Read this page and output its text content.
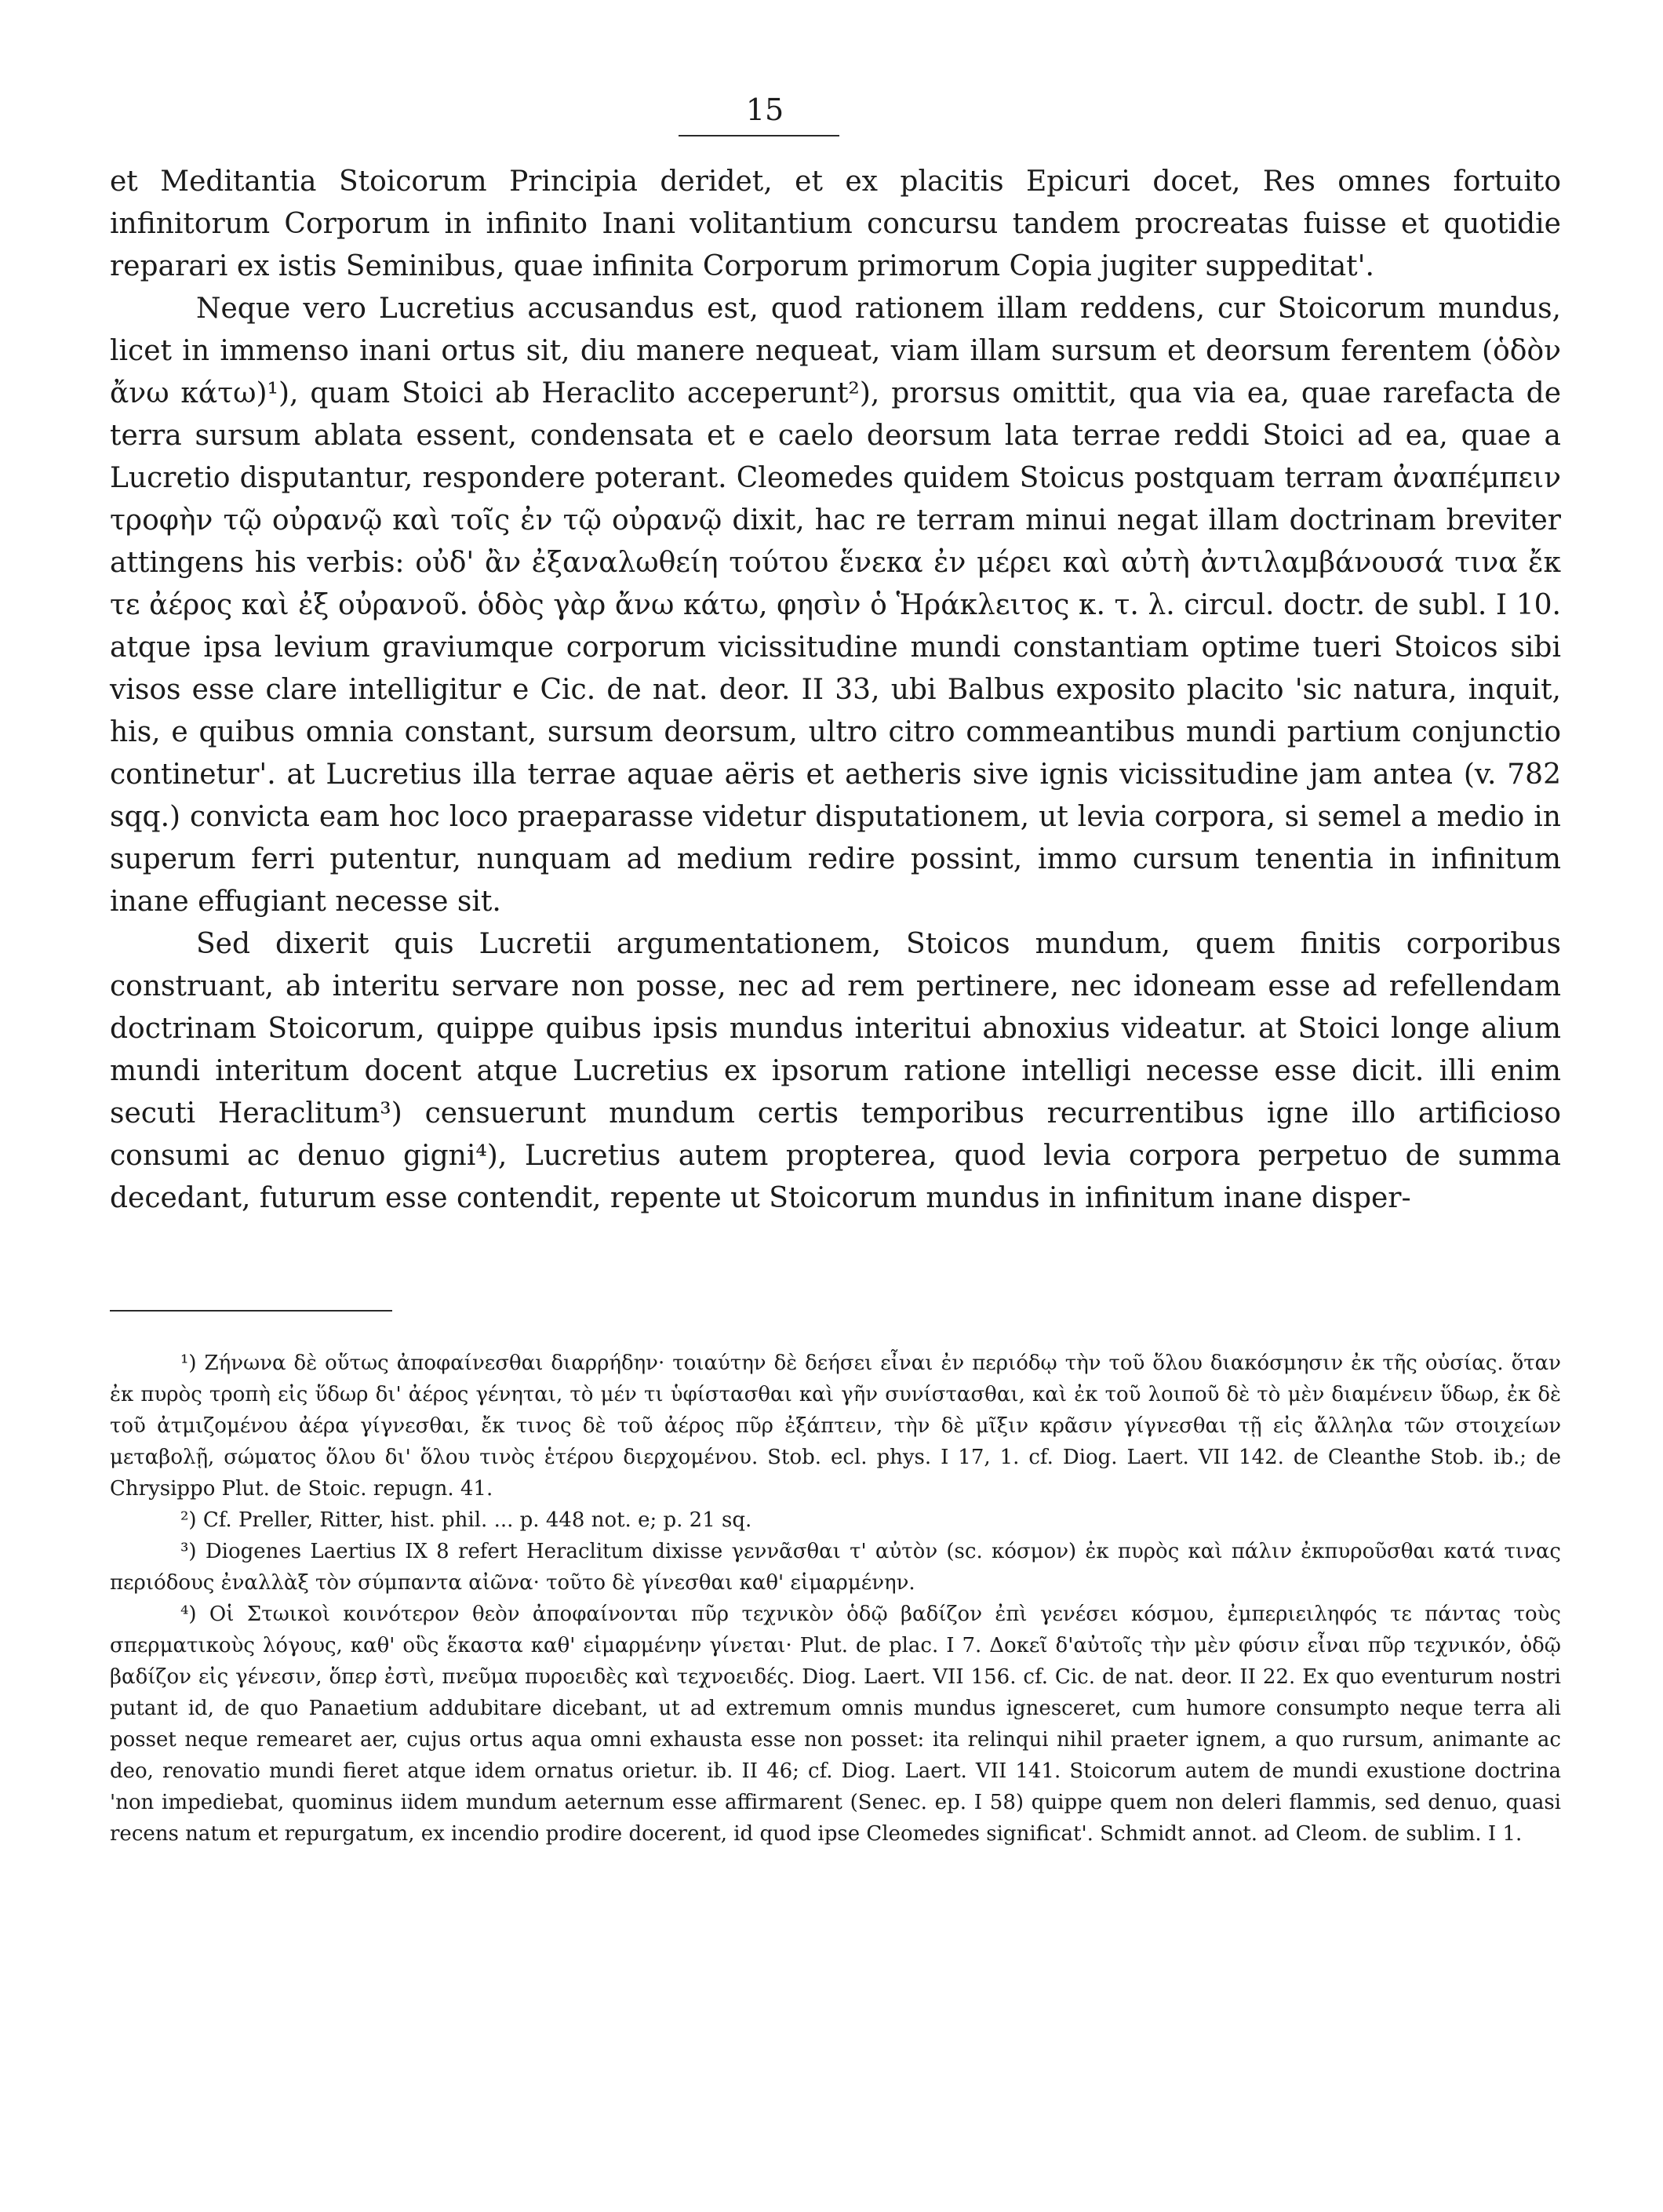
15

et Meditantia Stoicorum Principia deridet, et ex placitis Epicuri docet, Res omnes fortuito infinitorum Corporum in infinito Inani volitantium concursu tandem procreatas fuisse et quotidie reparari ex istis Seminibus, quae infinita Corporum primorum Copia jugiter suppeditat'.

Neque vero Lucretius accusandus est, quod rationem illam reddens, cur Stoicorum mundus, licet in immenso inani ortus sit, diu manere nequeat, viam illam sursum et deorsum ferentem (ὁδὸν ἄνω κάτω)¹), quam Stoici ab Heraclito acceperunt²), prorsus omittit, qua via ea, quae rarefacta de terra sursum ablata essent, condensata et e caelo deorsum lata terrae reddi Stoici ad ea, quae a Lucretio disputantur, respondere poterant. Cleomedes quidem Stoicus postquam terram ἀναπέμπειν τροφὴν τῷ οὐρανῷ καὶ τοῖς ἐν τῷ οὐρανῷ dixit, hac re terram minui negat illam doctrinam breviter attingens his verbis: οὐδ' ἂν ἐξαναλωθείη τούτου ἕνεκα ἐν μέρει καὶ αὐτὴ ἀντιλαμβάνουσά τινα ἔκ τε ἀέρος καὶ ἐξ οὐρανοῦ. ὁδὸς γὰρ ἄνω κάτω, φησὶν ὁ Ἡράκλειτος κ. τ. λ. circul. doctr. de subl. I 10. atque ipsa levium graviumque corporum vicissitudine mundi constantiam optime tueri Stoicos sibi visos esse clare intelligitur e Cic. de nat. deor. II 33, ubi Balbus exposito placito 'sic natura, inquit, his, e quibus omnia constant, sursum deorsum, ultro citro commeantibus mundi partium conjunctio continetur'. at Lucretius illa terrae aquae aëris et aetheris sive ignis vicissitudine jam antea (v. 782 sqq.) convicta eam hoc loco praeparasse videtur disputationem, ut levia corpora, si semel a medio in superum ferri putentur, nunquam ad medium redire possint, immo cursum tenentia in infinitum inane effugiant necesse sit.

Sed dixerit quis Lucretii argumentationem, Stoicos mundum, quem finitis corporibus construant, ab interitu servare non posse, nec ad rem pertinere, nec idoneam esse ad refellendam doctrinam Stoicorum, quippe quibus ipsis mundus interitui abnoxius videatur. at Stoici longe alium mundi interitum docent atque Lucretius ex ipsorum ratione intelligi necesse esse dicit. illi enim secuti Heraclitum³) censuerunt mundum certis temporibus recurrentibus igne illo artificioso consumi ac denuo gigni⁴), Lucretius autem propterea, quod levia corpora perpetuo de summa decedant, futurum esse contendit, repente ut Stoicorum mundus in infinitum inane disper-

¹) Ζήνωνα δὲ οὕτως ἀποφαίνεσθαι διαρρήδην· τοιαύτην δὲ δεήσει εἶναι ἐν περιόδῳ τὴν τοῦ ὅλου διακόσμησιν ἐκ τῆς οὐσίας. ὅταν ἐκ πυρὸς τροπὴ εἰς ὕδωρ δι' ἀέρος γένηται, τὸ μέν τι ὑφίστασθαι καὶ γῆν συνίστασθαι, καὶ ἐκ τοῦ λοιποῦ δὲ τὸ μὲν διαμένειν ὕδωρ, ἐκ δὲ τοῦ ἀτμιζομένου ἀέρα γίγνεσθαι, ἔκ τινος δὲ τοῦ ἀέρος πῦρ ἐξάπτειν, τὴν δὲ μῖξιν κρᾶσιν γίγνεσθαι τῇ εἰς ἄλληλα τῶν στοιχείων μεταβολῇ, σώματος ὅλου δι' ὅλου τινὸς ἑτέρου διερχομένου. Stob. ecl. phys. I 17, 1. cf. Diog. Laert. VII 142. de Cleanthe Stob. ib.; de Chrysippo Plut. de Stoic. repugn. 41.

²) Cf. Preller, Ritter, hist. phil. ... p. 448 not. e; p. 21 sq.

³) Diogenes Laertius IX 8 refert Heraclitum dixisse γεννᾶσθαι τ' αὐτὸν (sc. κόσμον) ἐκ πυρὸς καὶ πάλιν ἐκπυροῦσθαι κατά τινας περιόδους ἐναλλὰξ τὸν σύμπαντα αἰῶνα· τοῦτο δὲ γίνεσθαι καθ' εἱμαρμένην.

⁴) Οἱ Στωικοὶ κοινότερον θεὸν ἀποφαίνονται πῦρ τεχνικὸν ὁδῷ βαδίζον ἐπὶ γενέσει κόσμου, ἐμπεριειληφός τε πάντας τοὺς σπερματικοὺς λόγους, καθ' οὓς ἕκαστα καθ' εἱμαρμένην γίνεται· Plut. de plac. I 7. Δοκεῖ δ'αὐτοῖς τὴν μὲν φύσιν εἶναι πῦρ τεχνικόν, ὁδῷ βαδίζον εἰς γένεσιν, ὅπερ ἐστὶ, πνεῦμα πυροειδὲς καὶ τεχνοειδές. Diog. Laert. VII 156. cf. Cic. de nat. deor. II 22. Ex quo eventurum nostri putant id, de quo Panaetium addubitare dicebant, ut ad extremum omnis mundus ignesceret, cum humore consumpto neque terra ali posset neque remearet aer, cujus ortus aqua omni exhausta esse non posset: ita relinqui nihil praeter ignem, a quo rursum, animante ac deo, renovatio mundi fieret atque idem ornatus orietur. ib. II 46; cf. Diog. Laert. VII 141. Stoicorum autem de mundi exustione doctrina 'non impediebat, quominus iidem mundum aeternum esse affirmarent (Senec. ep. I 58) quippe quem non deleri flammis, sed denuo, quasi recens natum et repurgatum, ex incendio prodire docerent, id quod ipse Cleomedes significat'. Schmidt annot. ad Cleom. de sublim. I 1.
